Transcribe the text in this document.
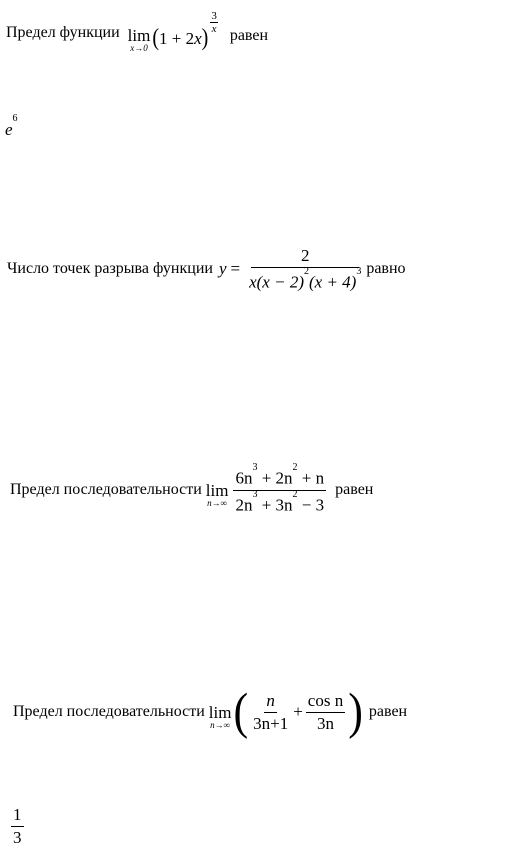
Предел функции lim
x→0 (1 + 2x)
$\frac{3}{x}$
равен
$e^6$
Число точек разрыва функции $y = \frac{2}{x(x - 2)^2(x + 4)^3}$ равно
Предел последовательности lim
$n\to\infty \frac{6n^3 + 2n^2 + n}{2n^3 + 3n^2 - 3}$ равен
Предел последовательности lim
n→∞ ( $\frac{n}{3n+1} + \frac{\text{cos n}}{3n}$ ) равен
$\frac{1}{3}$
